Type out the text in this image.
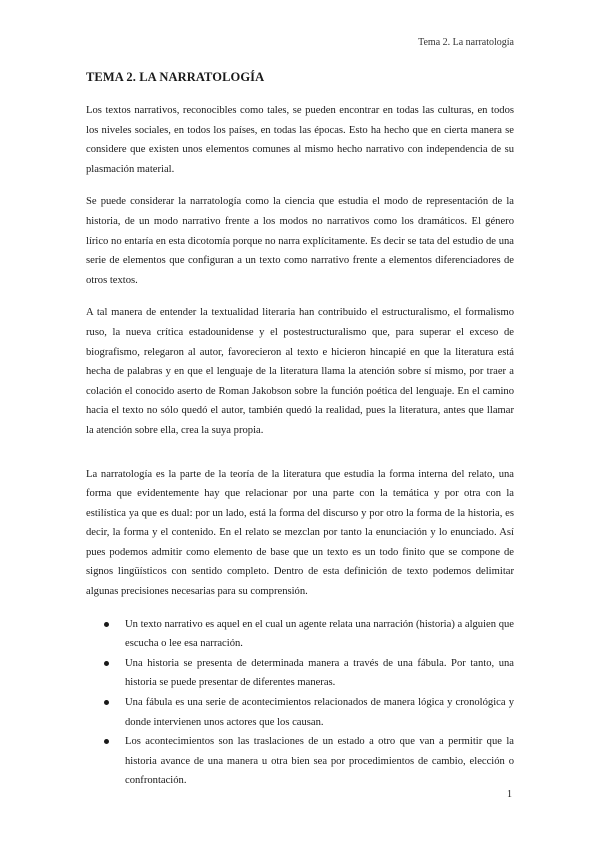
Tema 2. La narratología
TEMA 2. LA NARRATOLOGÍA

Los textos narrativos, reconocibles como tales, se pueden encontrar en todas las culturas, en todos los niveles sociales, en todos los países, en todas las épocas. Esto ha hecho que en cierta manera se considere que existen unos elementos comunes al mismo hecho narrativo con independencia de su plasmación material.

Se puede considerar la narratología como la ciencia que estudia el modo de representación de la historia, de un modo narrativo frente a los modos no narrativos como los dramáticos. El género lírico no entaría en esta dicotomía porque no narra explícitamente. Es decir se tata del estudio de una serie de elementos que configuran a un texto como narrativo frente a elementos diferenciadores de otros textos.

A tal manera de entender la textualidad literaria han contribuido el estructuralismo, el formalismo ruso, la nueva crítica estadounidense y el postestructuralismo que, para superar el exceso de biografismo, relegaron al autor, favorecieron al texto e hicieron hincapié en que la literatura está hecha de palabras y en que el lenguaje de la literatura llama la atención sobre sí mismo, por traer a colación el conocido aserto de Roman Jakobson sobre la función poética del lenguaje. En el camino hacia el texto no sólo quedó el autor, también quedó la realidad, pues la literatura, antes que llamar la atención sobre ella, crea la suya propia.

La narratología es la parte de la teoría de la literatura que estudia la forma interna del relato, una forma que evidentemente hay que relacionar por una parte con la temática y por otra con la estilística ya que es dual: por un lado, está la forma del discurso y por otro la forma de la historia, es decir, la forma y el contenido. En el relato se mezclan por tanto la enunciación y lo enunciado. Así pues podemos admitir como elemento de base que un texto es un todo finito que se compone de signos lingüísticos con sentido completo. Dentro de esta definición de texto podemos delimitar algunas precisiones necesarias para su comprensión.

Un texto narrativo es aquel en el cual un agente relata una narración (historia) a alguien que escucha o lee esa narración.
Una historia se presenta de determinada manera a través de una fábula. Por tanto, una historia se puede presentar de diferentes maneras.
Una fábula es una serie de acontecimientos relacionados de manera lógica y cronológica y donde intervienen unos actores que los causan.
Los acontecimientos son las traslaciones de un estado a otro que van a permitir que la historia avance de una manera u otra bien sea por procedimientos de cambio, elección o confrontación.
1
